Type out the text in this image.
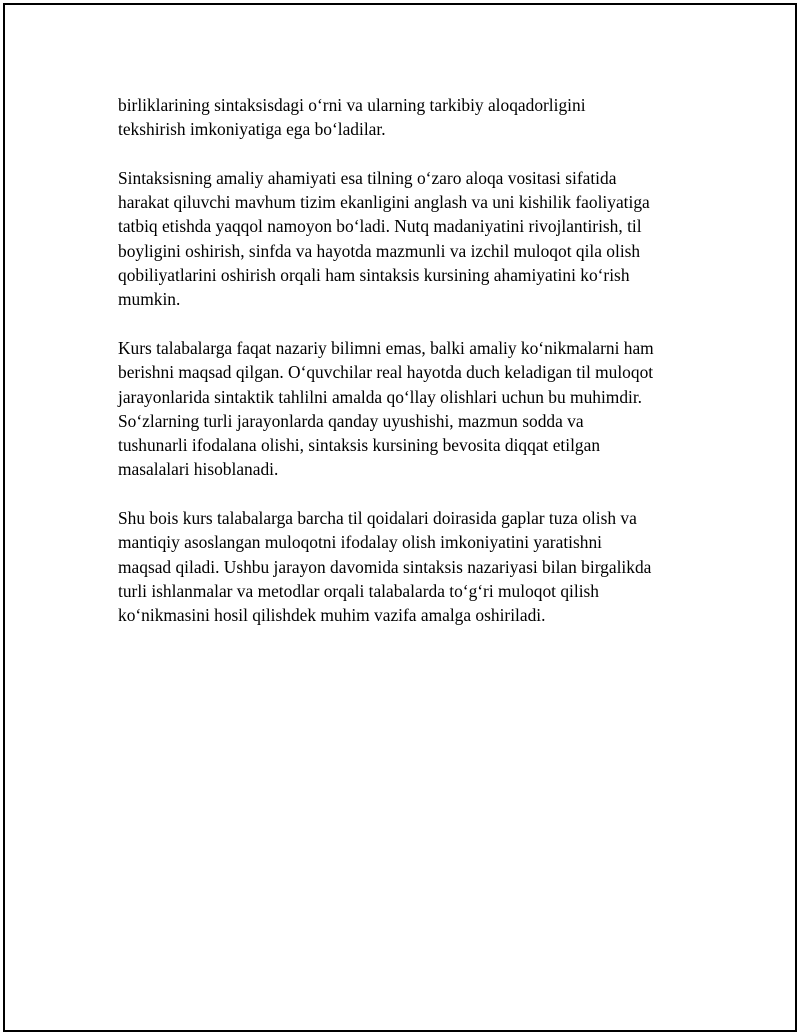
birliklarining sintaksisdagi o‘rni va ularning tarkibiy aloqadorligini
tekshirish imkoniyatiga ega bo‘ladilar.

Sintaksisning amaliy ahamiyati esa tilning o‘zaro aloqa vositasi sifatida
harakat qiluvchi mavhum tizim ekanligini anglash va uni kishilik faoliyatiga
tatbiq etishda yaqqol namoyon bo‘ladi. Nutq madaniyatini rivojlantirish, til
boyligini oshirish, sinfda va hayotda mazmunli va izchil muloqot qila olish
qobiliyatlarini oshirish orqali ham sintaksis kursining ahamiyatini ko‘rish
mumkin.

Kurs talabalarga faqat nazariy bilimni emas, balki amaliy ko‘nikmalarni ham
berishni maqsad qilgan. O‘quvchilar real hayotda duch keladigan til muloqot
jarayonlarida sintaktik tahlilni amalda qo‘llay olishlari uchun bu muhimdir.
So‘zlarning turli jarayonlarda qanday uyushishi, mazmun sodda va
tushunarli ifodalana olishi, sintaksis kursining bevosita diqqat etilgan
masalalari hisoblanadi.

Shu bois kurs talabalarga barcha til qoidalari doirasida gaplar tuza olish va
mantiqiy asoslangan muloqotni ifodalay olish imkoniyatini yaratishni
maqsad qiladi. Ushbu jarayon davomida sintaksis nazariyasi bilan birgalikda
turli ishlanmalar va metodlar orqali talabalarda to‘g‘ri muloqot qilish
ko‘nikmasini hosil qilishdek muhim vazifa amalga oshiriladi.
